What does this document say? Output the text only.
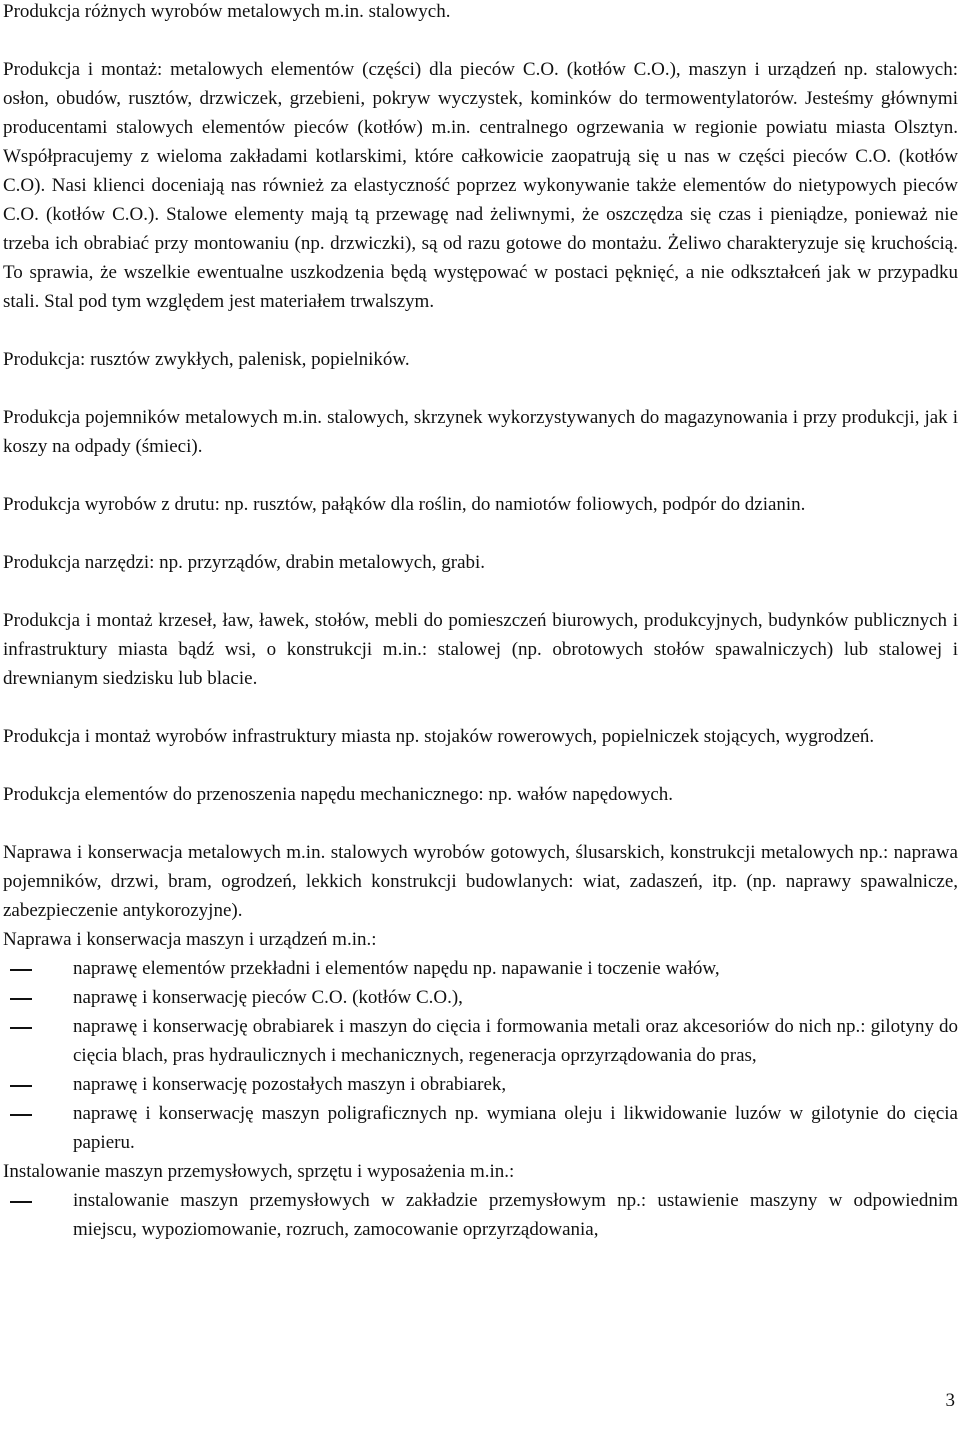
Produkcja różnych wyrobów metalowych m.in. stalowych.

Produkcja i montaż: metalowych elementów (części) dla pieców C.O. (kotłów C.O.), maszyn i urządzeń np. stalowych: osłon, obudów, rusztów, drzwiczek, grzebieni, pokryw wyczystek, kominków do termowentylatorów. Jesteśmy głównymi producentami stalowych elementów pieców (kotłów) m.in. centralnego ogrzewania w regionie powiatu miasta Olsztyn. Współpracujemy z wieloma zakładami kotlarskimi, które całkowicie zaopatrują się u nas w części pieców C.O. (kotłów C.O). Nasi klienci doceniają nas również za elastyczność poprzez wykonywanie także elementów do nietypowych pieców C.O. (kotłów C.O.). Stalowe elementy mają tą przewagę nad żeliwnymi, że oszczędza się czas i pieniądze, ponieważ nie trzeba ich obrabiać przy montowaniu (np. drzwiczki), są od razu gotowe do montażu. Żeliwo charakteryzuje się kruchością. To sprawia, że wszelkie ewentualne uszkodzenia będą występować w postaci pęknięć, a nie odkształceń jak w przypadku stali. Stal pod tym względem jest materiałem trwalszym.

Produkcja: rusztów zwykłych, palenisk, popielników.

Produkcja pojemników metalowych m.in. stalowych, skrzynek wykorzystywanych do magazynowania i przy produkcji, jak i koszy na odpady (śmieci).

Produkcja wyrobów z drutu: np. rusztów, pałąków dla roślin, do namiotów foliowych, podpór do dzianin.

Produkcja narzędzi: np. przyrządów, drabin metalowych, grabi.

Produkcja i montaż krzeseł, ław, ławek, stołów, mebli do pomieszczeń biurowych, produkcyjnych, budynków publicznych i infrastruktury miasta bądź wsi, o konstrukcji m.in.: stalowej (np. obrotowych stołów spawalniczych) lub stalowej i drewnianym siedzisku lub blacie.

Produkcja i montaż wyrobów infrastruktury miasta np. stojaków rowerowych, popielniczek stojących, wygrodzeń.

Produkcja elementów do przenoszenia napędu mechanicznego: np. wałów napędowych.

Naprawa i konserwacja metalowych m.in. stalowych wyrobów gotowych, ślusarskich, konstrukcji metalowych np.: naprawa pojemników, drzwi, bram, ogrodzeń, lekkich konstrukcji budowlanych: wiat, zadaszeń, itp. (np. naprawy spawalnicze, zabezpieczenie antykorozyjne).

Naprawa i konserwacja maszyn i urządzeń m.in.:

naprawę elementów przekładni i elementów napędu np. napawanie i toczenie wałów,
naprawę i konserwację pieców C.O. (kotłów C.O.),
naprawę i konserwację obrabiarek i maszyn do cięcia i formowania metali oraz akcesoriów do nich np.: gilotyny do cięcia blach, pras hydraulicznych i mechanicznych, regeneracja oprzyrządowania do pras,
naprawę i konserwację pozostałych maszyn i obrabiarek,
naprawę i konserwację maszyn poligraficznych np. wymiana oleju i likwidowanie luzów w gilotynie do cięcia papieru.

Instalowanie maszyn przemysłowych, sprzętu i wyposażenia m.in.:

instalowanie maszyn przemysłowych w zakładzie przemysłowym np.: ustawienie maszyny w odpowiednim miejscu, wypoziomowanie, rozruch, zamocowanie oprzyrządowania,
3
